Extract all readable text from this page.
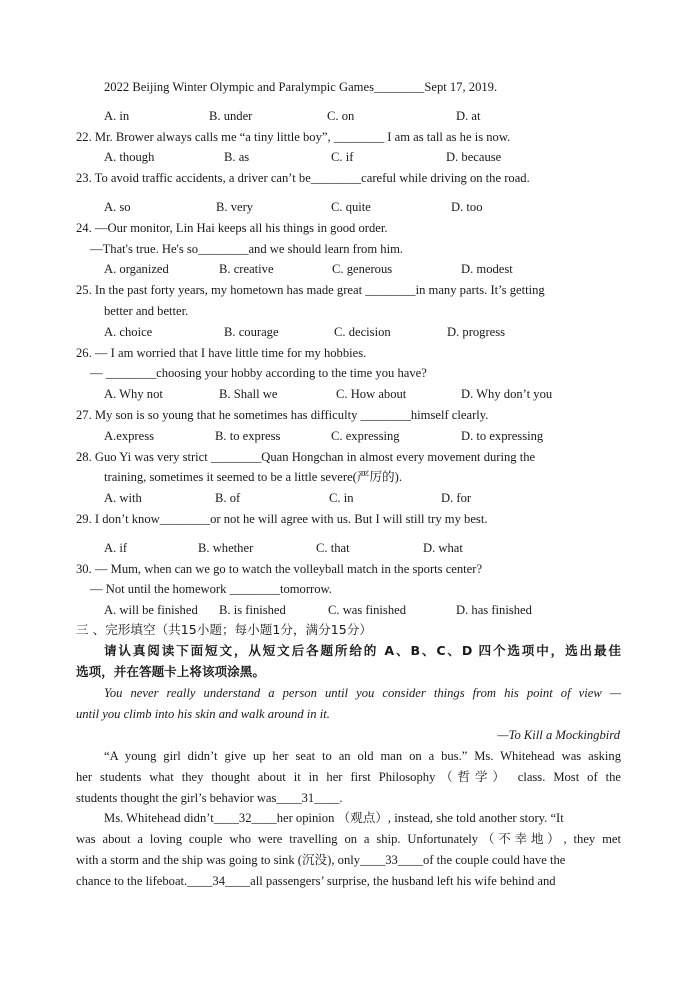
2022 Beijing Winter Olympic and Paralympic Games________Sept 17, 2019.
A. in	B. under	C. on	D. at
22. Mr. Brower always calls me “a tiny little boy”, ________ I am as tall as he is now.
A. though	B. as	C. if	D. because
23. To avoid traffic accidents, a driver can’t be________careful while driving on the road.
A. so	B. very	C. quite	D. too
24. —Our monitor, Lin Hai keeps all his things in good order.
—That's true. He's so________and we should learn from him.
A. organized	B. creative	C. generous	D. modest
25. In the past forty years, my hometown has made great ________in many parts. It’s getting
better and better.
A. choice	B. courage	C. decision	D. progress
26. — I am worried that I have little time for my hobbies.
— ________choosing your hobby according to the time you have?
A. Why not	B. Shall we	C. How about	D. Why don’t you
27. My son is so young that he sometimes has difficulty ________himself clearly.
A.express	B. to express	C. expressing	D. to expressing
28. Guo Yi was very strict ________Quan Hongchan in almost every movement during the
training, sometimes it seemed to be a little severe(严厉的).
A. with	B. of	C. in	D. for
29. I don’t know________or not he will agree with us. But I will still try my best.
A. if	B. whether	C. that	D. what
30. — Mum, when can we go to watch the volleyball match in the sports center?
— Not until the homework ________tomorrow.
A. will be finished B. is finished	C. was finished	D. has finished
三 、完形填空（共15小题；每小题1分，满分15分）
请认真阅读下面短文，从短文后各题所给的 A、B、C、D 四个选项中，选出最佳
选项，并在答题卡上将该项涂黑。
You never really understand a person until you consider things from his point of view —
until you climb into his skin and walk around in it.
—To Kill a Mockingbird
“A young girl didn’t give up her seat to an old man on a bus.” Ms. Whitehead was asking
her students what they thought about it in her first Philosophy（哲学） class. Most of the
students thought the girl’s behavior was____31____.
Ms. Whitehead didn’t____32____her opinion （观点）, instead, she told another story. “It
was about a loving couple who were travelling on a ship. Unfortunately（不幸地）, they met
with a storm and the ship was going to sink (沉没), only____33____of the couple could have the
chance to the lifeboat.____34____all passengers’ surprise, the husband left his wife behind and
